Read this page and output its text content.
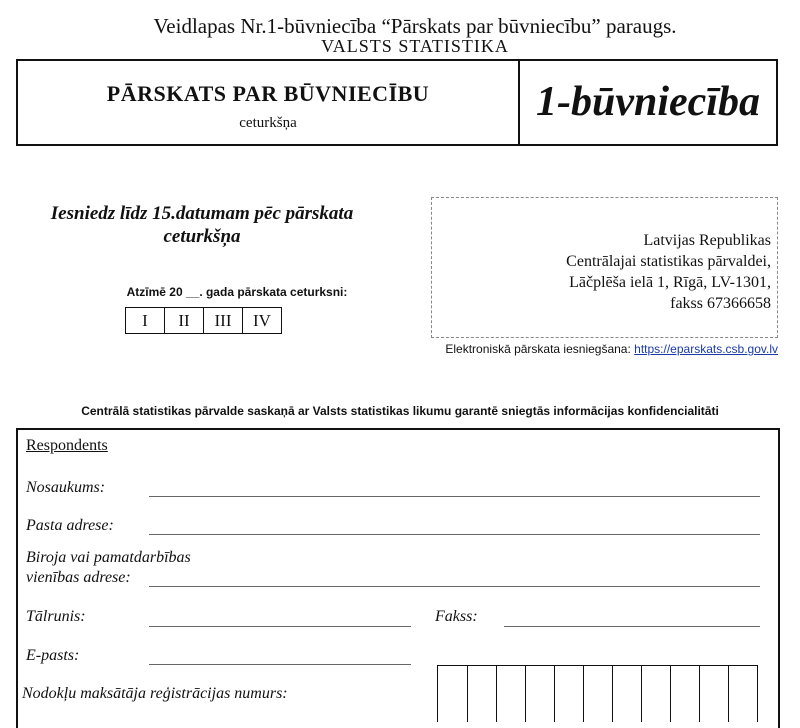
Veidlapas Nr.1-būvniecība “Pārskats par būvniecību” paraugs.
VALSTS STATISTIKA
PĀRSKATS PAR BŪVNIECĪBU
ceturkšņa	1-būvniecība
Iesniedz līdz 15.datumam pēc pārskata
ceturkšņa
Atzīmē 20 __. gada pārskata ceturksni:
I	II	III	IV
Latvijas Republikas
Centrālajai statistikas pārvaldei,
Lāčplēša ielā 1, Rīgā, LV-1301,
fakss 67366658
Elektroniskā pārskata iesniegšana: https://eparskats.csb.gov.lv
Centrālā statistikas pārvalde saskaņā ar Valsts statistikas likumu garantē sniegtās informācijas konfidencialitāti
Respondents
Nosaukums:
Pasta adrese:
Biroja vai pamatdarbības
vienības adrese:
Tālrunis:	Fakss:
E-pasts:
Nodokļu maksātāja reģistrācijas numurs:
